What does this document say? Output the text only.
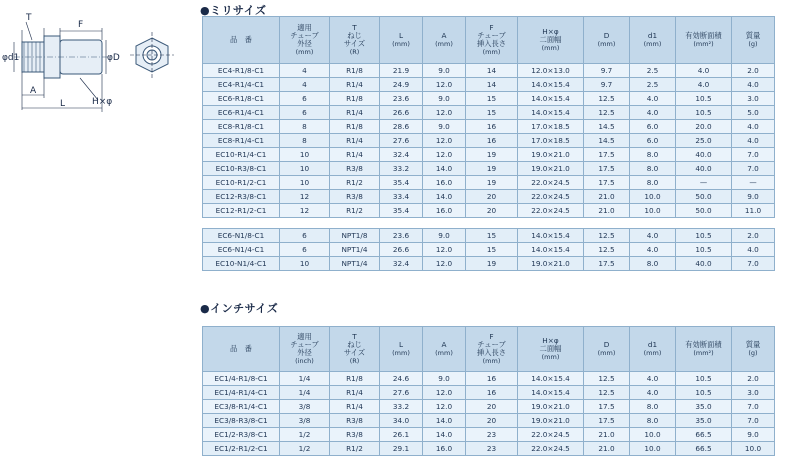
T
F
φd1	φD
A
L	H×φ
●ミリサイズ
●インチサイズ
品　番	適用
チューブ
外径
(mm)	T
ねじ
サイズ
(R)	L
(mm)	A
(mm)	F
チューブ
挿入長さ
(mm)	H×φ
二面幅
(mm)	D
(mm)	d1
(mm)	有効断面積
(mm²)	質量
(g)

EC4-R1/8-C1	4	R1/8	21.9	9.0	14	12.0×13.0	9.7	2.5	4.0	2.0
EC4-R1/4-C1	4	R1/4	24.9	12.0	14	14.0×15.4	9.7	2.5	4.0	4.0
EC6-R1/8-C1	6	R1/8	23.6	9.0	15	14.0×15.4	12.5	4.0	10.5	3.0
EC6-R1/4-C1	6	R1/4	26.6	12.0	15	14.0×15.4	12.5	4.0	10.5	5.0
EC8-R1/8-C1	8	R1/8	28.6	9.0	16	17.0×18.5	14.5	6.0	20.0	4.0
EC8-R1/4-C1	8	R1/4	27.6	12.0	16	17.0×18.5	14.5	6.0	25.0	4.0
EC10-R1/4-C1	10	R1/4	32.4	12.0	19	19.0×21.0	17.5	8.0	40.0	7.0
EC10-R3/8-C1	10	R3/8	33.2	14.0	19	19.0×21.0	17.5	8.0	40.0	7.0
EC10-R1/2-C1	10	R1/2	35.4	16.0	19	22.0×24.5	17.5	8.0	—	—
EC12-R3/8-C1	12	R3/8	33.4	14.0	20	22.0×24.5	21.0	10.0	50.0	9.0
EC12-R1/2-C1	12	R1/2	35.4	16.0	20	22.0×24.5	21.0	10.0	50.0	11.0
EC6-N1/8-C1	6	NPT1/8	23.6	9.0	15	14.0×15.4	12.5	4.0	10.5	2.0
EC6-N1/4-C1	6	NPT1/4	26.6	12.0	15	14.0×15.4	12.5	4.0	10.5	4.0
EC10-N1/4-C1	10	NPT1/4	32.4	12.0	19	19.0×21.0	17.5	8.0	40.0	7.0
品　番	適用
チューブ
外径
(inch)	T
ねじ
サイズ
(R)	L
(mm)	A
(mm)	F
チューブ
挿入長さ
(mm)	H×φ
二面幅
(mm)	D
(mm)	d1
(mm)	有効断面積
(mm²)	質量
(g)

EC1/4-R1/8-C1	1/4	R1/8	24.6	9.0	16	14.0×15.4	12.5	4.0	10.5	2.0
EC1/4-R1/4-C1	1/4	R1/4	27.6	12.0	16	14.0×15.4	12.5	4.0	10.5	3.0
EC3/8-R1/4-C1	3/8	R1/4	33.2	12.0	20	19.0×21.0	17.5	8.0	35.0	7.0
EC3/8-R3/8-C1	3/8	R3/8	34.0	14.0	20	19.0×21.0	17.5	8.0	35.0	7.0
EC1/2-R3/8-C1	1/2	R3/8	26.1	14.0	23	22.0×24.5	21.0	10.0	66.5	9.0
EC1/2-R1/2-C1	1/2	R1/2	29.1	16.0	23	22.0×24.5	21.0	10.0	66.5	10.0
